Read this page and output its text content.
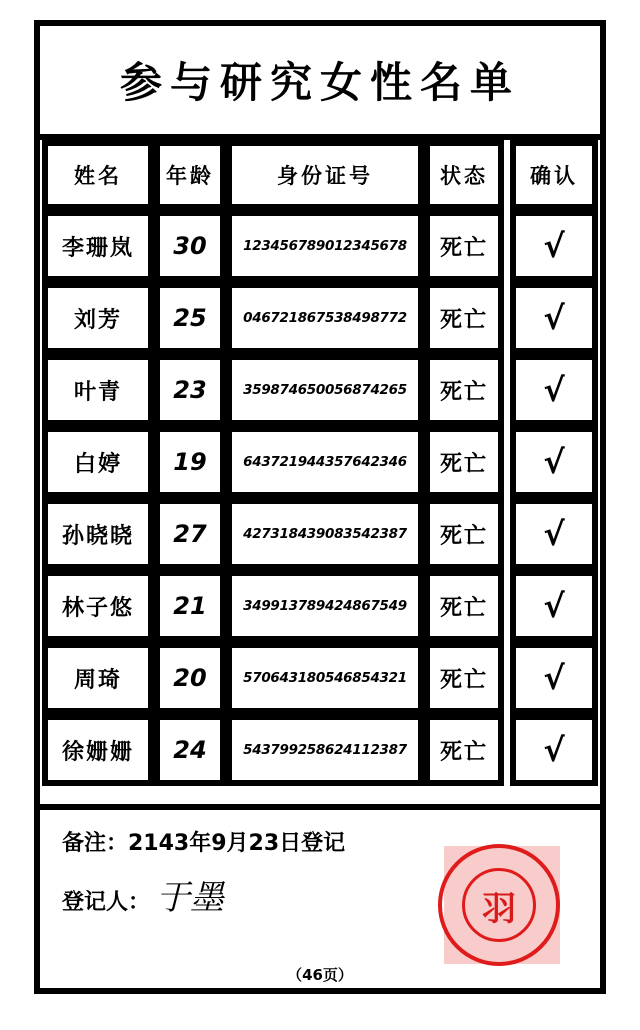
参与研究女性名单
姓名	年龄	身份证号	状态	确认
李珊岚	30	123456789012345678	死亡	√
刘芳	25	046721867538498772	死亡	√
叶青	23	359874650056874265	死亡	√
白婷	19	643721944357642346	死亡	√
孙晓晓	27	427318439083542387	死亡	√
林子悠	21	349913789424867549	死亡	√
周琦	20	570643180546854321	死亡	√
徐姗姗	24	543799258624112387	死亡	√
备注：2143年9月23日登记
登记人： 于墨	羽
（46页）
